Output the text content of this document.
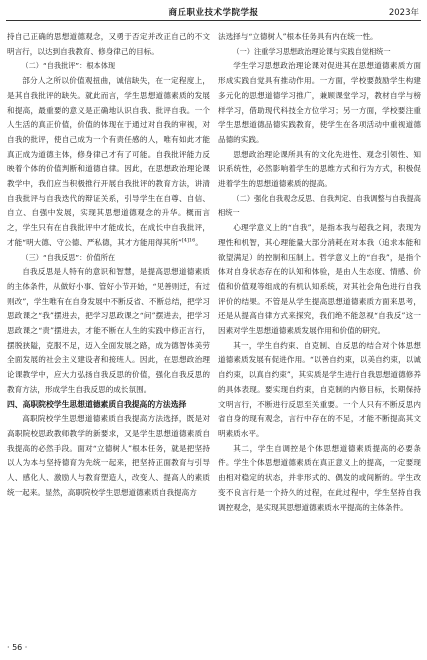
商丘职业技术学院学报	2023年

持自己正确的思想道德观念，又勇于否定并改正自己的不文明言行，以达到自我教育、修身律己的目标。

（二）“自我批评”：根本体现

部分人之所以价值观扭曲，诚信缺失，在一定程度上，是其自我批评的缺失。就此而言，学生思想道德素质的发展和提高，最重要的意义是正确地认识自我、批评自我。一个人生活的真正价值，价值的体现在于通过对自我的审视，对自我的批评，使自己成为一个有责任感的人，唯有如此才能真正成为道德主体，修身律己才有了可能。自我批评能力反映着个体的价值判断和道德自律。因此，在思想政治理论课教学中，我们应当积极推行开展自我批评的教育方法，讲清自我批评与自我迭代的辩证关系，引导学生在自尊、自信、自立、自强中发展，实现其思想道德观念的升华。概而言之，学生只有在自我批评中才能成长，在成长中自我批评，才能“明大德、守公德、严私德，其才方能用得其所”$^{[4]16}$。

（三）“自我反思”：价值所在

自我反思是人特有的意识和智慧，是提高思想道德素质的主体条件，从做好小事、管好小节开始，“见善则迁，有过则改”，学生唯有在自身发展中不断反省、不断总结，把学习思政课之“我”摆进去，把学习思政课之“问”摆进去，把学习思政课之“责”摆进去，才能不断在人生的实践中修正言行，摆脱狭隘，克服不足，迈入全面发展之路，成为德智体美劳全面发展的社会主义建设者和接班人。因此，在思想政治理论课教学中，应大力弘扬自我反思的价值，强化自我反思的教育方法，形成学生自我反思的成长氛围。

四、高职院校学生思想道德素质自我提高的方法选择

高职院校学生思想道德素质自我提高方法选择，既是对高职院校思政教师教学的新要求，又是学生思想道德素质自我提高的必然手段。面对“立德树人”根本任务，就是把坚持以人为本与坚持德育为先统一起来，把坚持正面教育与引导人、感化人、激励人与教育塑造人，改变人、提高人的素质统一起来。显然，高职院校学生思想道德素质自我提高方

法选择与“立德树人”根本任务具有内在统一性。

（一）注重学习思想政治理论课与实践自觉相统一

学生学习思想政治理论课对促进其在思想道德素质方面形成实践自觉具有推动作用。一方面，学校要鼓励学生构建多元化的思想道德学习推广，兼顾课堂学习，教材自学与榜样学习，借助现代科技全方位学习；另一方面，学校要注重学生思想道德品德实践教育，使学生在各项活动中重视道德品德的实践。

思想政治理论课所具有的文化先进性、观念引领性、知识系统性，必然影响着学生的思维方式和行为方式，积极促进着学生的思想道德素质的提高。

（二）强化自我观念反思、自我判定、自我调整与自我提高相统一

心理学意义上的“自我”，是指本我与超我之间，表现为理性和机智，其心理能量大部分消耗在对本我（追求本能和欲望满足）的控制和压制上。哲学意义上的“自我”，是指个体对自身状态存在的认知和体验，是由人生态度、情感、价值和价值观等组成的有机认知系统，对其社会角色进行自我评价的结果。不管是从学生提高思想道德素质方面来思考，还是从提高自律方式来探究，我们绝不能忽视“自我反”这一因素对学生思想道德素质发展作用和价值的研究。

其一，学生自约束、自克制、自反思的结合对个体思想道德素质发展有促进作用。“以善自约束，以美自约束，以诚自约束，以真自约束”，其实质是学生进行自我思想道德修养的具体表现。要实现自约束，自克制的内修目标，长期保持文明言行，不断进行反思至关重要。一个人只有不断反思内省自身的现有观念，言行中存在的不足，才能不断提高其文明素质水平。

其二，学生自调控是个体思想道德素质提高的必要条件。学生个体思想道德素质在真正意义上的提高，一定要现由相对稳定的状态，并非形式的、偶发的或间断的。学生改变不良言行是一个持久的过程，在此过程中，学生坚持自我调控观念，是实现其思想道德素质水平提高的主体条件。

· 56 ·
